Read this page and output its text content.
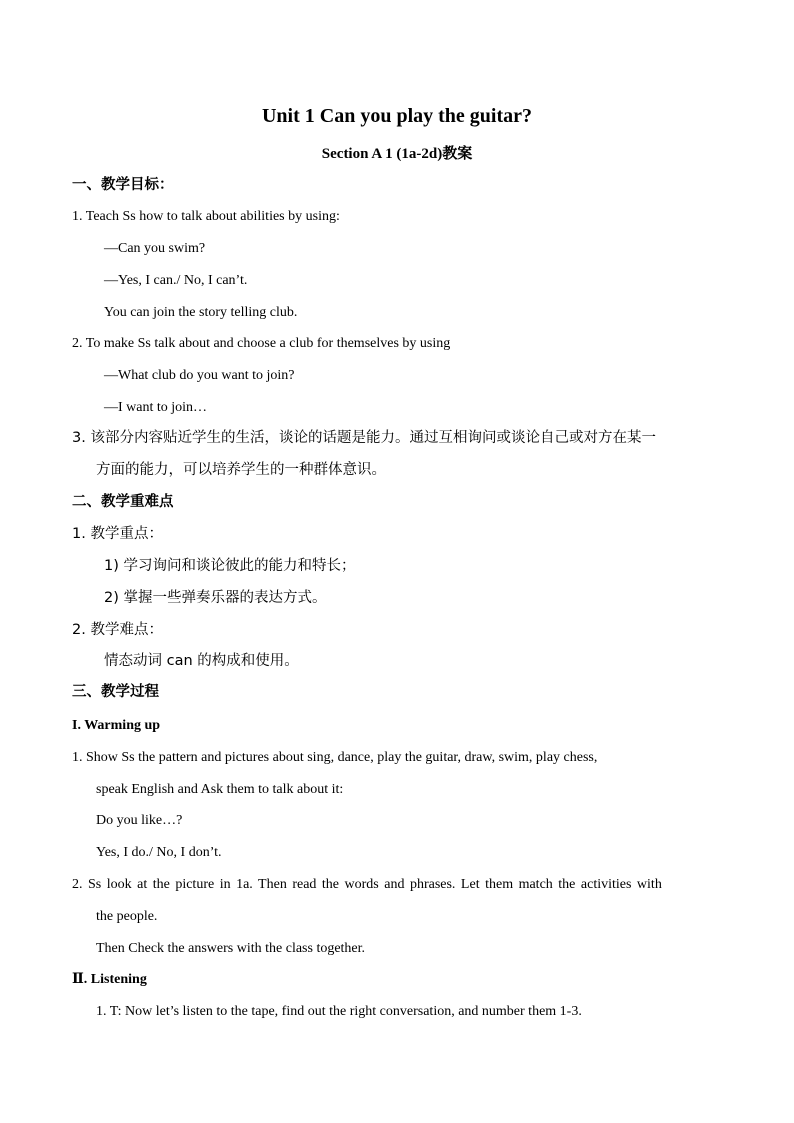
Unit 1 Can you play the guitar?
Section A 1 (1a-2d)教案
一、教学目标：
1. Teach Ss how to talk about abilities by using:
—Can you swim?
—Yes, I can./ No, I can’t.
You can join the story telling club.
2. To make Ss talk about and choose a club for themselves by using
—What club do you want to join?
—I want to join…
3. 该部分内容贴近学生的生活，谈论的话题是能力。通过互相询问或谈论自己或对方在某一
方面的能力，可以培养学生的一种群体意识。
二、教学重难点
1. 教学重点：
1) 学习询问和谈论彼此的能力和特长；
2) 掌握一些弹奏乐器的表达方式。
2. 教学难点：
情态动词 can 的构成和使用。
三、教学过程
I. Warming up
1. Show Ss the pattern and pictures about sing, dance, play the guitar, draw, swim, play chess,
speak English and Ask them to talk about it:
Do you like…?
Yes, I do./ No, I don’t.
2. Ss look at the picture in 1a. Then read the words and phrases. Let them match the activities with
the people.
Then Check the answers with the class together.
Ⅱ. Listening
1. T: Now let’s listen to the tape, find out the right conversation, and number them 1-3.
